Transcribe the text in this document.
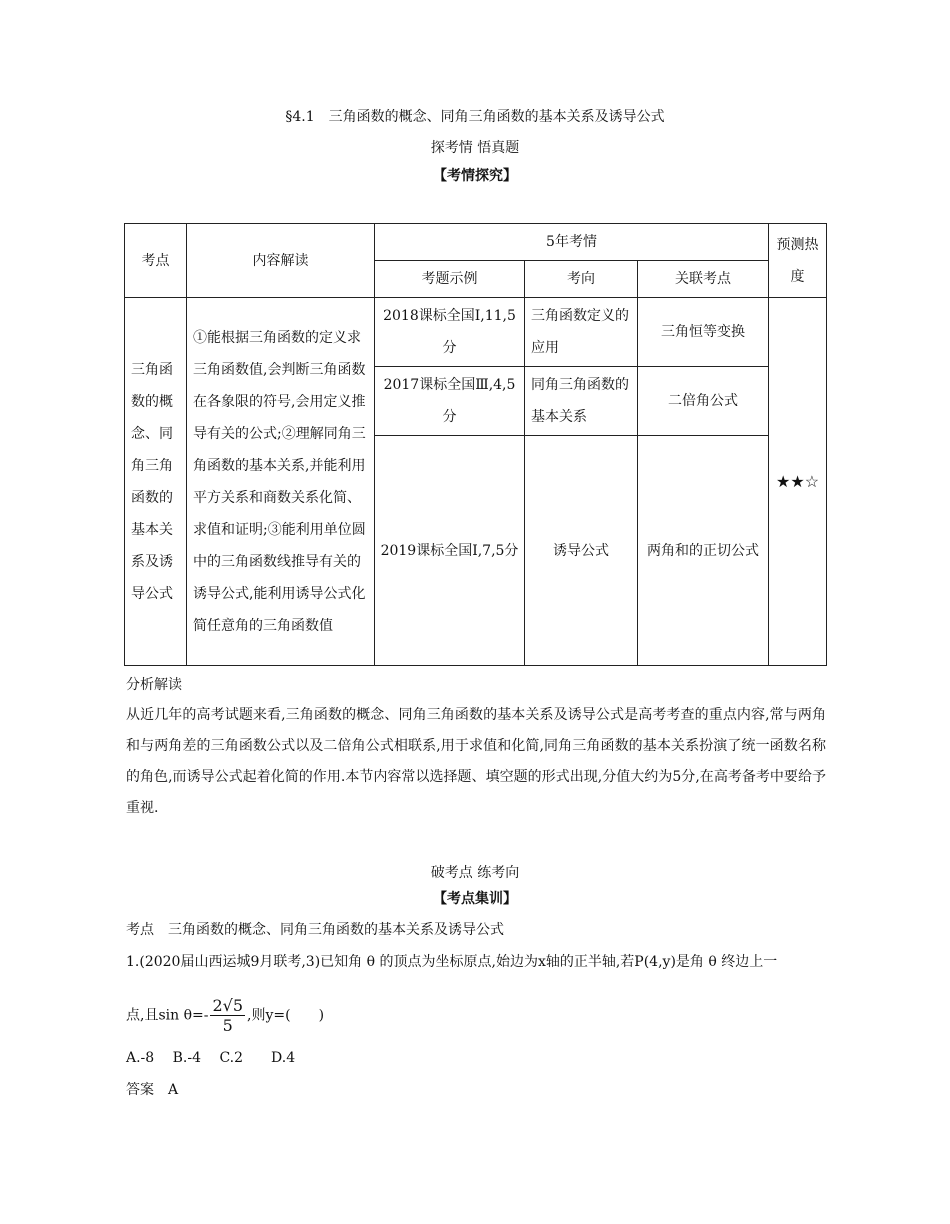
§4.1　三角函数的概念、同角三角函数的基本关系及诱导公式
探考情 悟真题
【考情探究】
考点	内容解读	5年考情			预测热度
		考题示例	考向	关联考点	
三角函数的概念、同角三角函数的基本关系及诱导公式	①能根据三角函数的定义求三角函数值,会判断三角函数在各象限的符号,会用定义推导有关的公式;②理解同角三角函数的基本关系,并能利用平方关系和商数关系化简、求值和证明;③能利用单位圆中的三角函数线推导有关的诱导公式,能利用诱导公式化简任意角的三角函数值	2018课标全国Ⅰ,11,5分	三角函数定义的应用	三角恒等变换	★★☆
		2017课标全国Ⅲ,4,5分	同角三角函数的基本关系	二倍角公式	
		2019课标全国Ⅰ,7,5分	诱导公式	两角和的正切公式	
分析解读
从近几年的高考试题来看,三角函数的概念、同角三角函数的基本关系及诱导公式是高考考查的重点内容,常与两角和与两角差的三角函数公式以及二倍角公式相联系,用于求值和化简,同角三角函数的基本关系扮演了统一函数名称的角色,而诱导公式起着化简的作用.本节内容常以选择题、填空题的形式出现,分值大约为5分,在高考备考中要给予重视.
破考点 练考向
【考点集训】
考点　三角函数的概念、同角三角函数的基本关系及诱导公式
1.(2020届山西运城9月联考,3)已知角 θ 的顶点为坐标原点,始边为x轴的正半轴,若P(4,y)是角 θ 终边上一
点,且$\sin \theta=- \frac{2√5}{5}$ ,则y=(　　)
A.-8　 B.-4　 C.2　　D.4
答案　A
